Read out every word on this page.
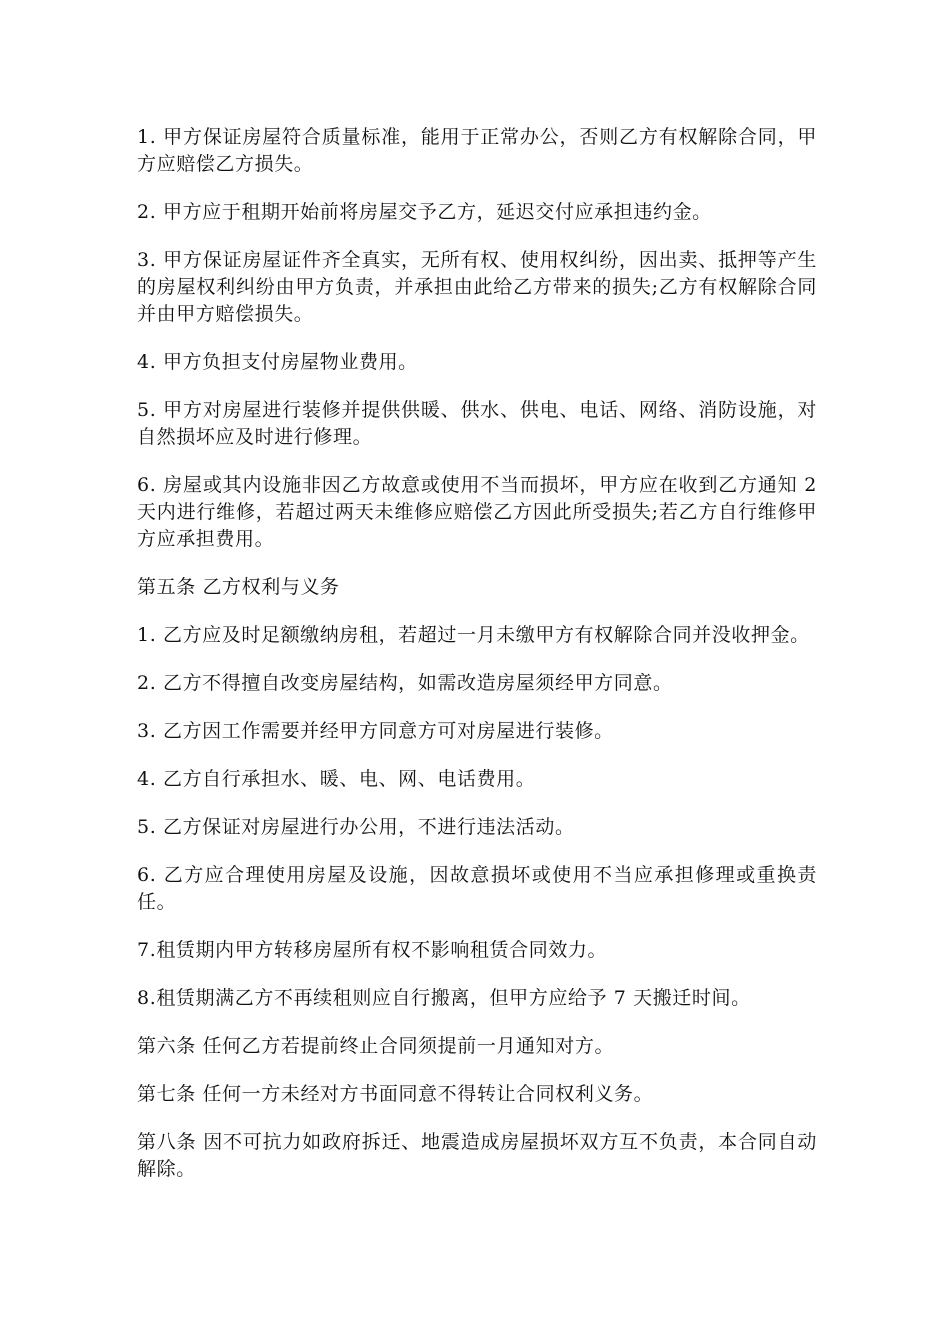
1. 甲方保证房屋符合质量标准，能用于正常办公，否则乙方有权解除合同，甲方应赔偿乙方损失。

2. 甲方应于租期开始前将房屋交予乙方，延迟交付应承担违约金。

3. 甲方保证房屋证件齐全真实，无所有权、使用权纠纷，因出卖、抵押等产生的房屋权利纠纷由甲方负责，并承担由此给乙方带来的损失;乙方有权解除合同并由甲方赔偿损失。

4. 甲方负担支付房屋物业费用。

5. 甲方对房屋进行装修并提供供暖、供水、供电、电话、网络、消防设施，对自然损坏应及时进行修理。

6. 房屋或其内设施非因乙方故意或使用不当而损坏，甲方应在收到乙方通知 2 天内进行维修，若超过两天未维修应赔偿乙方因此所受损失;若乙方自行维修甲方应承担费用。

第五条 乙方权利与义务

1. 乙方应及时足额缴纳房租，若超过一月未缴甲方有权解除合同并没收押金。

2. 乙方不得擅自改变房屋结构，如需改造房屋须经甲方同意。

3. 乙方因工作需要并经甲方同意方可对房屋进行装修。

4. 乙方自行承担水、暖、电、网、电话费用。

5. 乙方保证对房屋进行办公用，不进行违法活动。

6. 乙方应合理使用房屋及设施，因故意损坏或使用不当应承担修理或重换责任。

7.租赁期内甲方转移房屋所有权不影响租赁合同效力。

8.租赁期满乙方不再续租则应自行搬离，但甲方应给予 7 天搬迁时间。

第六条 任何乙方若提前终止合同须提前一月通知对方。

第七条 任何一方未经对方书面同意不得转让合同权利义务。

第八条 因不可抗力如政府拆迁、地震造成房屋损坏双方互不负责，本合同自动解除。
